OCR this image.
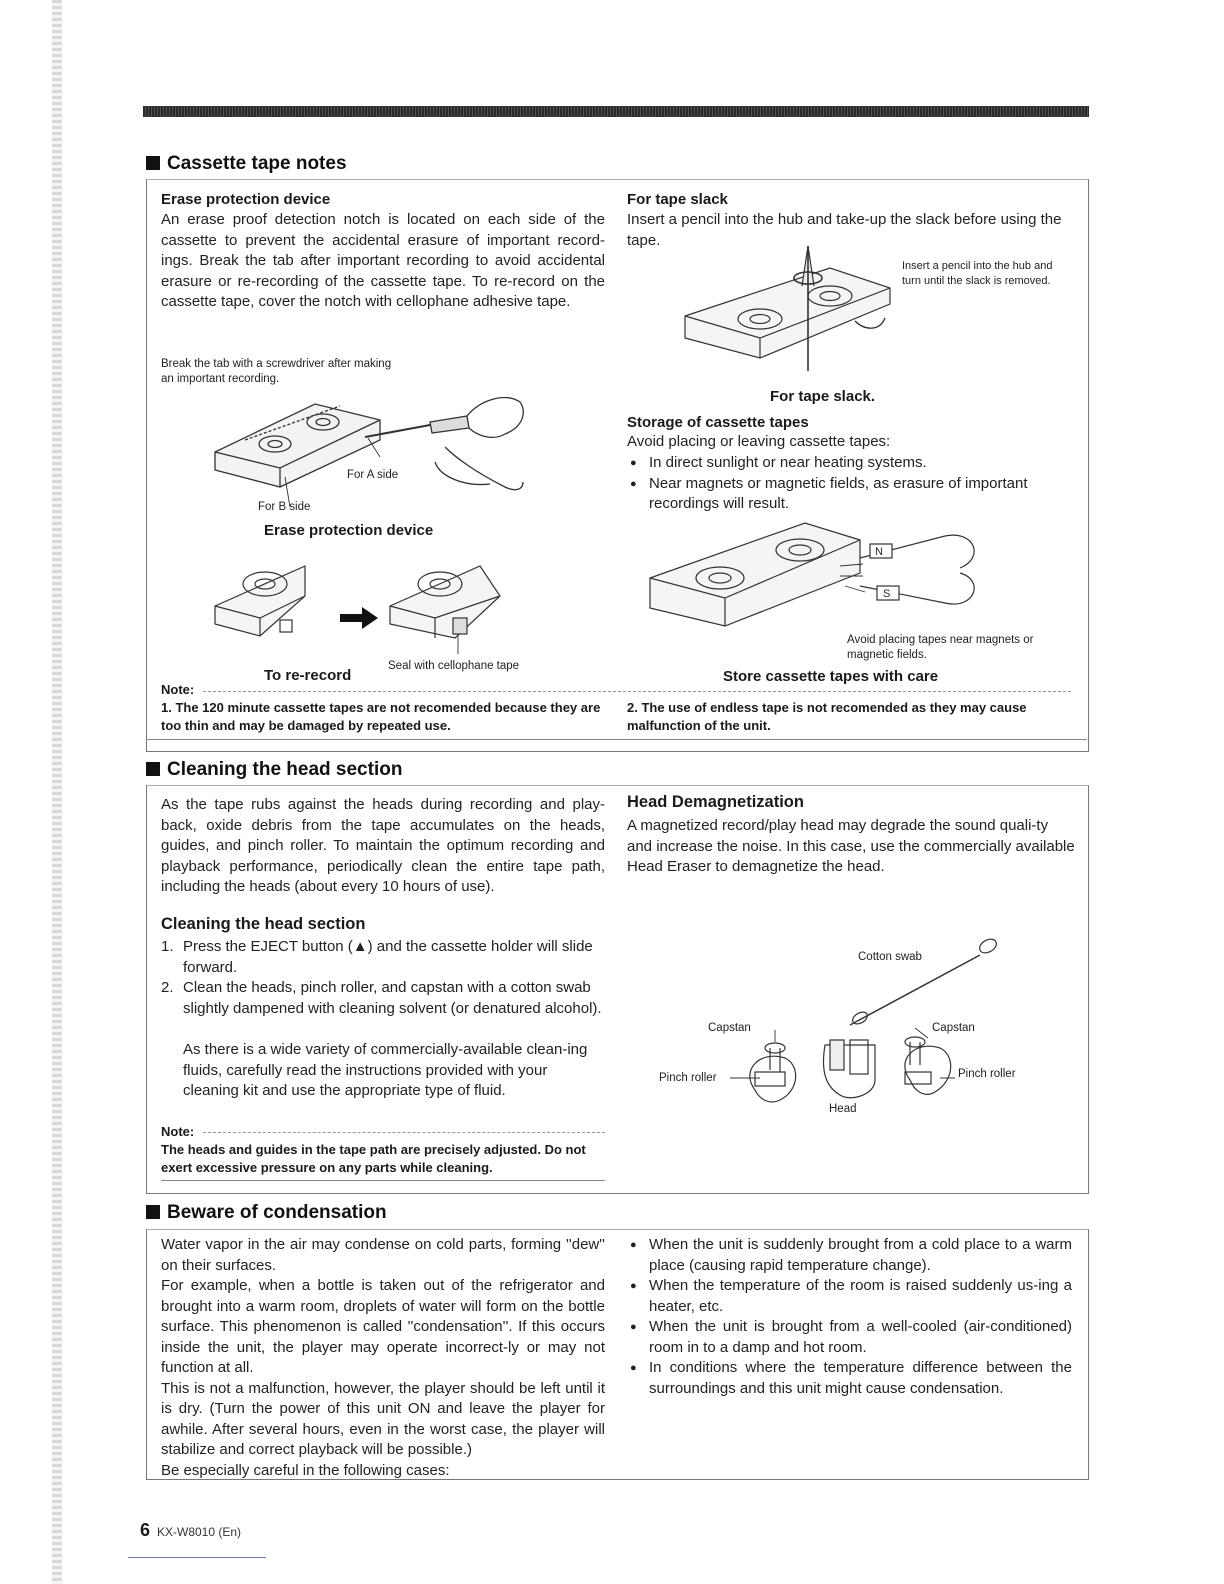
Cassette tape notes
Erase protection device
An erase proof detection notch is located on each side of the cassette to prevent the accidental erasure of important record-ings. Break the tab after important recording to avoid accidental erasure or re-recording of the cassette tape. To re-record on the cassette tape, cover the notch with cellophane adhesive tape.
Break the tab with a screwdriver after making an important recording.
For A side
For B side
Erase protection device
To re-record
Seal with cellophane tape
For tape slack
Insert a pencil into the hub and take-up the slack before using the tape.
Insert a pencil into the hub and turn until the slack is removed.
For tape slack.
Storage of cassette tapes
Avoid placing or leaving cassette tapes:
● In direct sunlight or near heating systems.
● Near magnets or magnetic fields, as erasure of important recordings will result.
N
S
Avoid placing tapes near magnets or magnetic fields.
Store cassette tapes with care
Note:
1. The 120 minute cassette tapes are not recomended because they are too thin and may be damaged by repeated use.
2. The use of endless tape is not recomended as they may cause malfunction of the unit.
Cleaning the head section
As the tape rubs against the heads during recording and play-back, oxide debris from the tape accumulates on the heads, guides, and pinch roller. To maintain the optimum recording and playback performance, periodically clean the entire tape path, including the heads (about every 10 hours of use).
Cleaning the head section
1. Press the EJECT button (▲) and the cassette holder will slide forward.
2. Clean the heads, pinch roller, and capstan with a cotton swab slightly dampened with cleaning solvent (or denatured alcohol).
As there is a wide variety of commercially-available clean-ing fluids, carefully read the instructions provided with your cleaning kit and use the appropriate type of fluid.
Note:
The heads and guides in the tape path are precisely adjusted. Do not exert excessive pressure on any parts while cleaning.
Head Demagnetization
A magnetized record/play head may degrade the sound quali-ty and increase the noise. In this case, use the commercially available Head Eraser to demagnetize the head.
Cotton swab
Capstan	Capstan
Pinch roller	Pinch roller
Head
Beware of condensation
Water vapor in the air may condense on cold parts, forming ''dew'' on their surfaces.
For example, when a bottle is taken out of the refrigerator and brought into a warm room, droplets of water will form on the bottle surface. This phenomenon is called ''condensation''. If this occurs inside the unit, the player may operate incorrect-ly or may not function at all.
This is not a malfunction, however, the player should be left until it is dry. (Turn the power of this unit ON and leave the player for awhile. After several hours, even in the worst case, the player will stabilize and correct playback will be possible.)
Be especially careful in the following cases:
● When the unit is suddenly brought from a cold place to a warm place (causing rapid temperature change).
● When the temperature of the room is raised suddenly us-ing a heater, etc.
● When the unit is brought from a well-cooled (air-conditioned) room in to a damp and hot room.
● In conditions where the temperature difference between the surroundings and this unit might cause condensation.
6 KX-W8010 (En)
